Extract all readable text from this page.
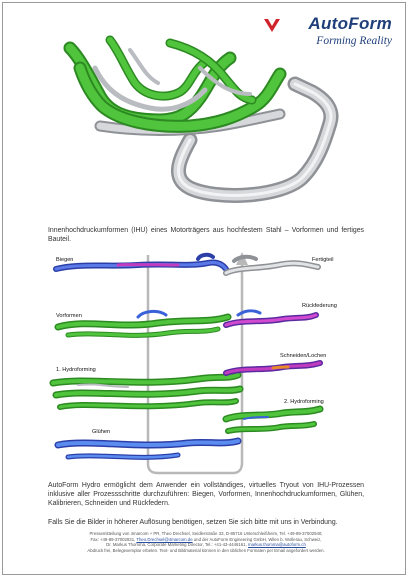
AutoForm
Forming Reality
Innenhochdruckumformen (IHU) eines Motorträgers aus hochfestem Stahl – Vorformen und fertiges Bauteil.
Biegen
Vorformen
1. Hydroforming
Glühen
Fertigteil
Rückfederung
Schneiden/Lochen
2. Hydroforming
AutoForm Hydro ermöglicht dem Anwender ein vollständiges, virtuelles Tryout von IHU-Prozessen inklusive aller Prozessschritte durchzuführen: Biegen, Vorformen, Innenhochdruckumformen, Glühen, Kalibrieren, Schneiden und Rückfedern.
Falls Sie die Bilder in höherer Auflösung benötigen, setzen Sie sich bitte mit uns in Verbindung.
Pressemitteilung von 4marcom + PR, Theo Drechsel, Seidlerstraße 33, D-85716 Unterschleißheim, Tel. +49-89-37002940;
Fax: +49-89-37002931, Theo.Drechsel@4marcom.de und der AutoForm Engineering GmbH, Wilen b. Wollerau, Schweiz,
Dr. Markus Thomma, Corporate Marketing Director, Tel.: +41-43-4446161, markus.thomma@autoform.ch
Abdruck frei, Belegexemplar erbeten. Text- und Bildmaterial können in den üblichen Formaten per Email angefordert werden.
